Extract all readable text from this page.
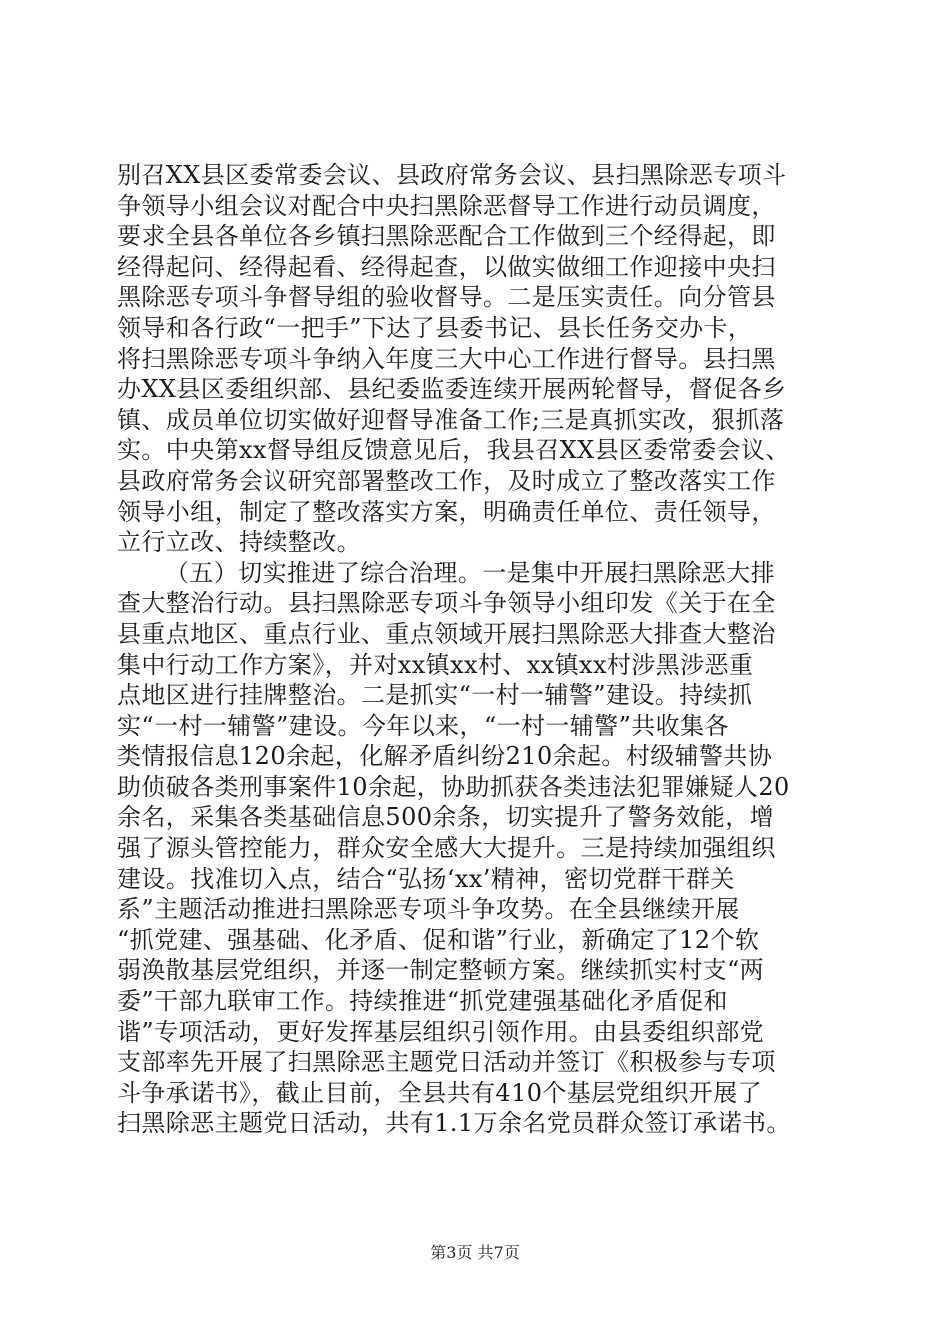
别召XX县区委常委会议、县政府常务会议、县扫黑除恶专项斗
争领导小组会议对配合中央扫黑除恶督导工作进行动员调度，
要求全县各单位各乡镇扫黑除恶配合工作做到三个经得起，即
经得起问、经得起看、经得起查，以做实做细工作迎接中央扫
黑除恶专项斗争督导组的验收督导。二是压实责任。向分管县
领导和各行政“一把手”下达了县委书记、县长任务交办卡，
将扫黑除恶专项斗争纳入年度三大中心工作进行督导。县扫黑
办XX县区委组织部、县纪委监委连续开展两轮督导，督促各乡
镇、成员单位切实做好迎督导准备工作;三是真抓实改，狠抓落
实。中央第xx督导组反馈意见后，我县召XX县区委常委会议、
县政府常务会议研究部署整改工作，及时成立了整改落实工作
领导小组，制定了整改落实方案，明确责任单位、责任领导，
立行立改、持续整改。
（五）切实推进了综合治理。一是集中开展扫黑除恶大排
查大整治行动。县扫黑除恶专项斗争领导小组印发《关于在全
县重点地区、重点行业、重点领域开展扫黑除恶大排查大整治
集中行动工作方案》，并对xx镇xx村、xx镇xx村涉黑涉恶重
点地区进行挂牌整治。二是抓实“一村一辅警”建设。持续抓
实“一村一辅警”建设。今年以来，“一村一辅警”共收集各
类情报信息120余起，化解矛盾纠纷210余起。村级辅警共协
助侦破各类刑事案件10余起，协助抓获各类违法犯罪嫌疑人20
余名，采集各类基础信息500余条，切实提升了警务效能，增
强了源头管控能力，群众安全感大大提升。三是持续加强组织
建设。找准切入点，结合“弘扬‘xx’精神，密切党群干群关
系”主题活动推进扫黑除恶专项斗争攻势。在全县继续开展
“抓党建、强基础、化矛盾、促和谐”行业，新确定了12个软
弱涣散基层党组织，并逐一制定整顿方案。继续抓实村支“两
委”干部九联审工作。持续推进“抓党建强基础化矛盾促和
谐”专项活动，更好发挥基层组织引领作用。由县委组织部党
支部率先开展了扫黑除恶主题党日活动并签订《积极参与专项
斗争承诺书》，截止目前，全县共有410个基层党组织开展了
扫黑除恶主题党日活动，共有1.1万余名党员群众签订承诺书。
第3页 共7页
